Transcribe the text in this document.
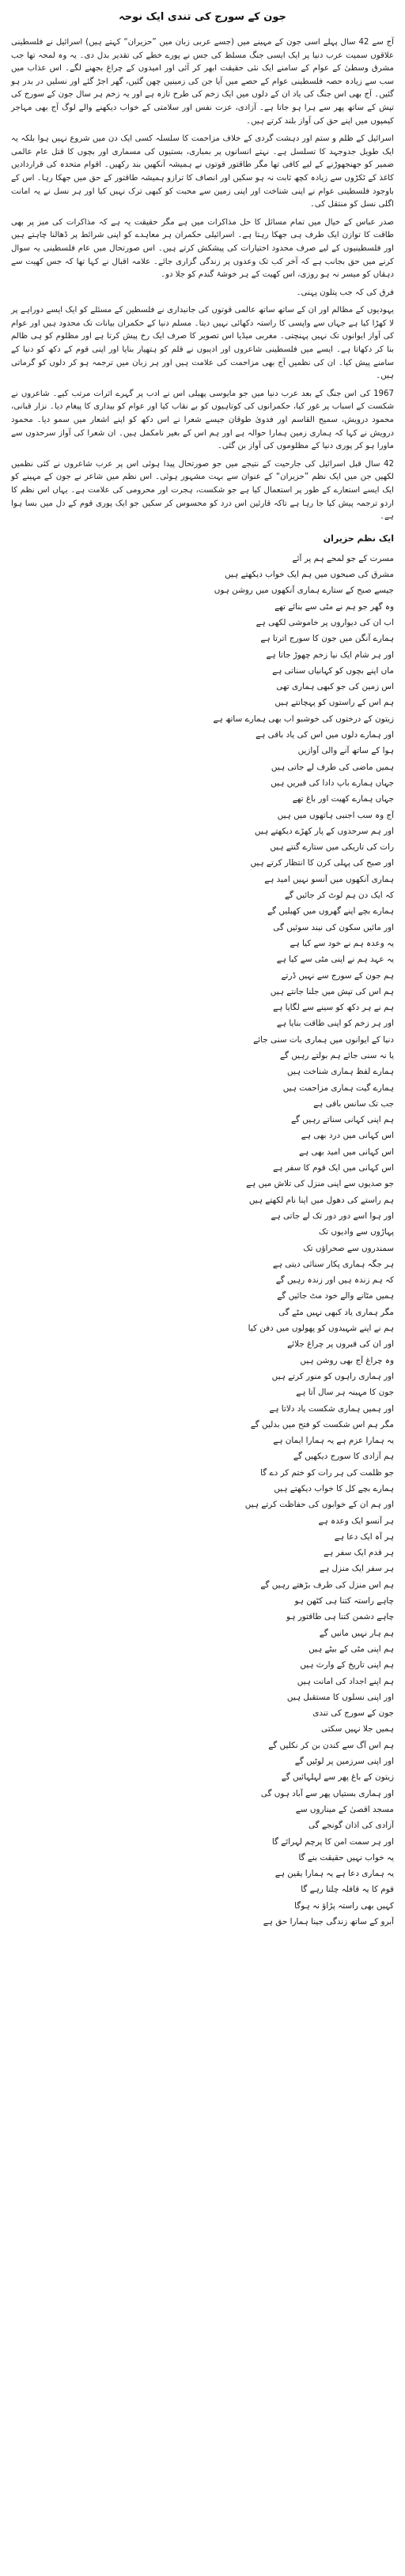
جون کے سورج کی تندی ایک نوحہ

آج سے 42 سال پہلے اسی جون کے مہینے میں (جسے عربی زبان میں ”حزیران“ کہتے ہیں) اسرائیل نے فلسطینی علاقوں سمیت عرب دنیا پر ایک ایسی جنگ مسلط کی جس نے پورے خطے کی تقدیر بدل دی۔ یہ وہ لمحہ تھا جب مشرق وسطیٰ کے عوام کے سامنے ایک نئی حقیقت ابھر کر آئی اور امیدوں کے چراغ بجھنے لگے۔ اس عذاب میں سب سے زیادہ حصہ فلسطینی عوام کے حصے میں آیا جن کی زمینیں چھن گئیں، گھر اجڑ گئے اور نسلیں در بدر ہو گئیں۔ آج بھی اس جنگ کی یاد ان کے دلوں میں ایک زخم کی طرح تازہ ہے اور یہ زخم ہر سال جون کے سورج کی تپش کے ساتھ پھر سے ہرا ہو جاتا ہے۔ آزادی، عزت نفس اور سلامتی کے خواب دیکھنے والے لوگ آج بھی مہاجر کیمپوں میں اپنے حق کی آواز بلند کرتے ہیں۔

اسرائیل کے ظلم و ستم اور دہشت گردی کے خلاف مزاحمت کا سلسلہ کسی ایک دن میں شروع نہیں ہوا بلکہ یہ ایک طویل جدوجہد کا تسلسل ہے۔ نہتے انسانوں پر بمباری، بستیوں کی مسماری اور بچوں کا قتل عام عالمی ضمیر کو جھنجھوڑنے کے لیے کافی تھا مگر طاقتور قوتوں نے ہمیشہ آنکھیں بند رکھیں۔ اقوام متحدہ کی قراردادیں کاغذ کے ٹکڑوں سے زیادہ کچھ ثابت نہ ہو سکیں اور انصاف کا ترازو ہمیشہ طاقتور کے حق میں جھکا رہا۔ اس کے باوجود فلسطینی عوام نے اپنی شناخت اور اپنی زمین سے محبت کو کبھی ترک نہیں کیا اور ہر نسل نے یہ امانت اگلی نسل کو منتقل کی۔

صدر عباس کے خیال میں تمام مسائل کا حل مذاکرات میں ہے مگر حقیقت یہ ہے کہ مذاکرات کی میز پر بھی طاقت کا توازن ایک طرف ہی جھکا رہتا ہے۔ اسرائیلی حکمران ہر معاہدے کو اپنی شرائط پر ڈھالنا چاہتے ہیں اور فلسطینیوں کے لیے صرف محدود اختیارات کی پیشکش کرتے ہیں۔ اس صورتحال میں عام فلسطینی یہ سوال کرنے میں حق بجانب ہے کہ آخر کب تک وعدوں پر زندگی گزاری جائے۔ علامہ اقبال نے کہا تھا کہ جس کھیت سے دہقاں کو میسر نہ ہو روزی، اس کھیت کے ہر خوشۂ گندم کو جلا دو۔

فرق کی کہ جب پتلون پہنی۔

یہودیوں کے مظالم اور ان کے ساتھ ساتھ عالمی قوتوں کی جانبداری نے فلسطین کے مسئلے کو ایک ایسے دوراہے پر لا کھڑا کیا ہے جہاں سے واپسی کا راستہ دکھائی نہیں دیتا۔ مسلم دنیا کے حکمران بیانات تک محدود ہیں اور عوام کی آواز ایوانوں تک نہیں پہنچتی۔ مغربی میڈیا اس تصویر کا صرف ایک رخ پیش کرتا ہے اور مظلوم کو ہی ظالم بنا کر دکھاتا ہے۔ ایسے میں فلسطینی شاعروں اور ادیبوں نے قلم کو ہتھیار بنایا اور اپنی قوم کے دکھ کو دنیا کے سامنے پیش کیا۔ ان کی نظمیں آج بھی مزاحمت کی علامت ہیں اور ہر زبان میں ترجمہ ہو کر دلوں کو گرماتی ہیں۔

1967 کی اس جنگ کے بعد عرب دنیا میں جو مایوسی پھیلی اس نے ادب پر گہرے اثرات مرتب کیے۔ شاعروں نے شکست کے اسباب پر غور کیا، حکمرانوں کی کوتاہیوں کو بے نقاب کیا اور عوام کو بیداری کا پیغام دیا۔ نزار قبانی، محمود درویش، سمیح القاسم اور فدویٰ طوقان جیسے شعرا نے اس دکھ کو اپنے اشعار میں سمو دیا۔ محمود درویش نے کہا کہ ہماری زمین ہمارا حوالہ ہے اور ہم اس کے بغیر نامکمل ہیں۔ ان شعرا کی آواز سرحدوں سے ماورا ہو کر پوری دنیا کے مظلوموں کی آواز بن گئی۔

42 سال قبل اسرائیل کی جارحیت کے نتیجے میں جو صورتحال پیدا ہوئی اس پر عرب شاعروں نے کئی نظمیں لکھیں جن میں ایک نظم ”حزیران“ کے عنوان سے بہت مشہور ہوئی۔ اس نظم میں شاعر نے جون کے مہینے کو ایک ایسے استعارے کے طور پر استعمال کیا ہے جو شکست، ہجرت اور محرومی کی علامت ہے۔ یہاں اس نظم کا اردو ترجمہ پیش کیا جا رہا ہے تاکہ قارئین اس درد کو محسوس کر سکیں جو ایک پوری قوم کے دل میں بسا ہوا ہے۔

ایک نظم حزیران
مسرت کے جو لمحے ہم پر آئے
مشرق کی صبحوں میں ہم ایک خواب دیکھتے ہیں
جیسے صبح کے ستارے ہماری آنکھوں میں روشن ہوں
وہ گھر جو ہم نے مٹی سے بنائے تھے
اب ان کی دیواروں پر خاموشی لکھی ہے
ہمارے آنگن میں جون کا سورج اترتا ہے
اور ہر شام ایک نیا زخم چھوڑ جاتا ہے
ماں اپنے بچوں کو کہانیاں سناتی ہے
اس زمین کی جو کبھی ہماری تھی
ہم اس کے راستوں کو پہچانتے ہیں
زیتون کے درختوں کی خوشبو اب بھی ہمارے ساتھ ہے
اور ہمارے دلوں میں اس کی یاد باقی ہے
ہوا کے ساتھ آنے والی آوازیں
ہمیں ماضی کی طرف لے جاتی ہیں
جہاں ہمارے باپ دادا کی قبریں ہیں
جہاں ہمارے کھیت اور باغ تھے
آج وہ سب اجنبی ہاتھوں میں ہیں
اور ہم سرحدوں کے پار کھڑے دیکھتے ہیں
رات کی تاریکی میں ستارے گنتے ہیں
اور صبح کی پہلی کرن کا انتظار کرتے ہیں
ہماری آنکھوں میں آنسو نہیں امید ہے
کہ ایک دن ہم لوٹ کر جائیں گے
ہمارے بچے اپنے گھروں میں کھیلیں گے
اور مائیں سکون کی نیند سوئیں گی
یہ وعدہ ہم نے خود سے کیا ہے
یہ عہد ہم نے اپنی مٹی سے کیا ہے
ہم جون کے سورج سے نہیں ڈرتے
ہم اس کی تپش میں جلنا جانتے ہیں
ہم نے ہر دکھ کو سینے سے لگایا ہے
اور ہر زخم کو اپنی طاقت بنایا ہے
دنیا کے ایوانوں میں ہماری بات سنی جائے
یا نہ سنی جائے ہم بولتے رہیں گے
ہمارے لفظ ہماری شناخت ہیں
ہمارے گیت ہماری مزاحمت ہیں
جب تک سانس باقی ہے
ہم اپنی کہانی سناتے رہیں گے
اس کہانی میں درد بھی ہے
اس کہانی میں امید بھی ہے
اس کہانی میں ایک قوم کا سفر ہے
جو صدیوں سے اپنی منزل کی تلاش میں ہے
ہم راستے کی دھول میں اپنا نام لکھتے ہیں
اور ہوا اسے دور دور تک لے جاتی ہے
پہاڑوں سے وادیوں تک
سمندروں سے صحراؤں تک
ہر جگہ ہماری پکار سنائی دیتی ہے
کہ ہم زندہ ہیں اور زندہ رہیں گے
ہمیں مٹانے والے خود مٹ جائیں گے
مگر ہماری یاد کبھی نہیں مٹے گی
ہم نے اپنے شہیدوں کو پھولوں میں دفن کیا
اور ان کی قبروں پر چراغ جلائے
وہ چراغ آج بھی روشن ہیں
اور ہماری راہوں کو منور کرتے ہیں
جون کا مہینہ ہر سال آتا ہے
اور ہمیں ہماری شکست یاد دلاتا ہے
مگر ہم اس شکست کو فتح میں بدلیں گے
یہ ہمارا عزم ہے یہ ہمارا ایمان ہے
ہم آزادی کا سورج دیکھیں گے
جو ظلمت کی ہر رات کو ختم کر دے گا
ہمارے بچے کل کا خواب دیکھتے ہیں
اور ہم ان کے خوابوں کی حفاظت کرتے ہیں
ہر آنسو ایک وعدہ ہے
ہر آہ ایک دعا ہے
ہر قدم ایک سفر ہے
ہر سفر ایک منزل ہے
ہم اس منزل کی طرف بڑھتے رہیں گے
چاہے راستہ کتنا ہی کٹھن ہو
چاہے دشمن کتنا ہی طاقتور ہو
ہم ہار نہیں مانیں گے
ہم اپنی مٹی کے بیٹے ہیں
ہم اپنی تاریخ کے وارث ہیں
ہم اپنے اجداد کی امانت ہیں
اور اپنی نسلوں کا مستقبل ہیں
جون کے سورج کی تندی
ہمیں جلا نہیں سکتی
ہم اس آگ سے کندن بن کر نکلیں گے
اور اپنی سرزمین پر لوٹیں گے
زیتون کے باغ پھر سے لہلہائیں گے
اور ہماری بستیاں پھر سے آباد ہوں گی
مسجد اقصیٰ کے میناروں سے
آزادی کی اذان گونجے گی
اور ہر سمت امن کا پرچم لہرائے گا
یہ خواب نہیں حقیقت بنے گا
یہ ہماری دعا ہے یہ ہمارا یقین ہے
قوم کا یہ قافلہ چلتا رہے گا
کہیں بھی راستہ پڑاؤ نہ ہوگا
آبرو کے ساتھ زندگی جینا ہمارا حق ہے
